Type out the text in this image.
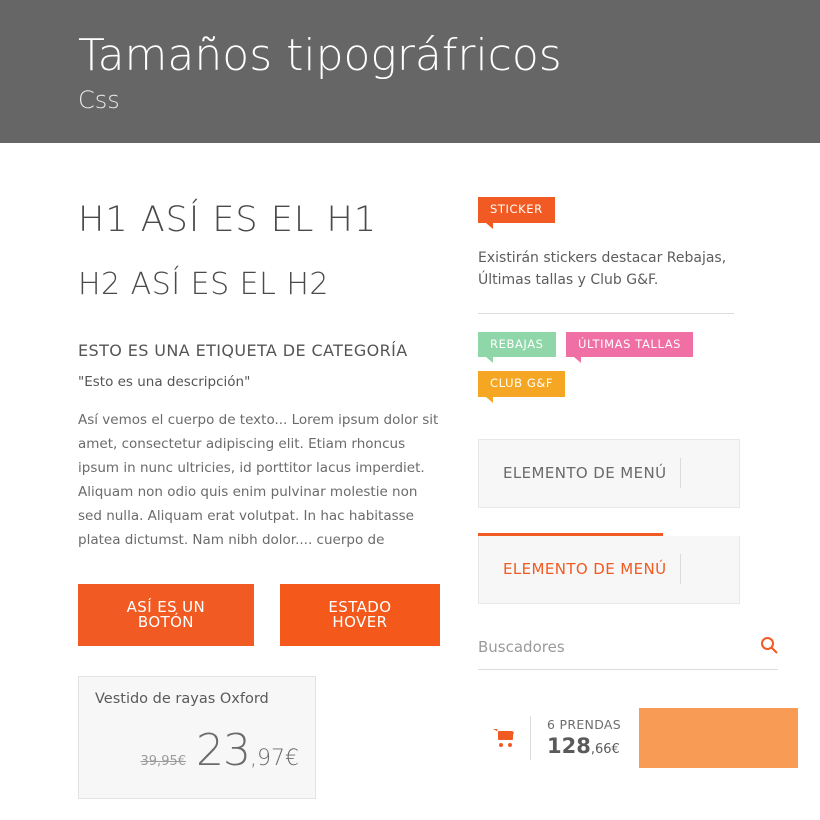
Tamaños tipográfricos
Css
H1 ASÍ ES EL H1
H2 ASÍ ES EL H2
ESTO ES UNA ETIQUETA DE CATEGORÍA
"Esto es una descripción"

Así vemos el cuerpo de texto... Lorem ipsum dolor sit amet, consectetur adipiscing elit. Etiam rhoncus ipsum in nunc ultricies, id porttitor lacus imperdiet. Aliquam non odio quis enim pulvinar molestie non sed nulla. Aliquam erat volutpat. In hac habitasse platea dictumst. Nam nibh dolor.... cuerpo de

ASÍ ES UN BOTÓN
ESTADO HOVER
Vestido de rayas Oxford
39,95€ 23,97€
STICKER
Existirán stickers destacar Rebajas, Últimas tallas y Club G&F.
REBAJAS	ÚLTIMAS TALLAS
CLUB G&F
ELEMENTO DE MENÚ
ELEMENTO DE MENÚ
Buscadores
6 PRENDAS
128,66€
